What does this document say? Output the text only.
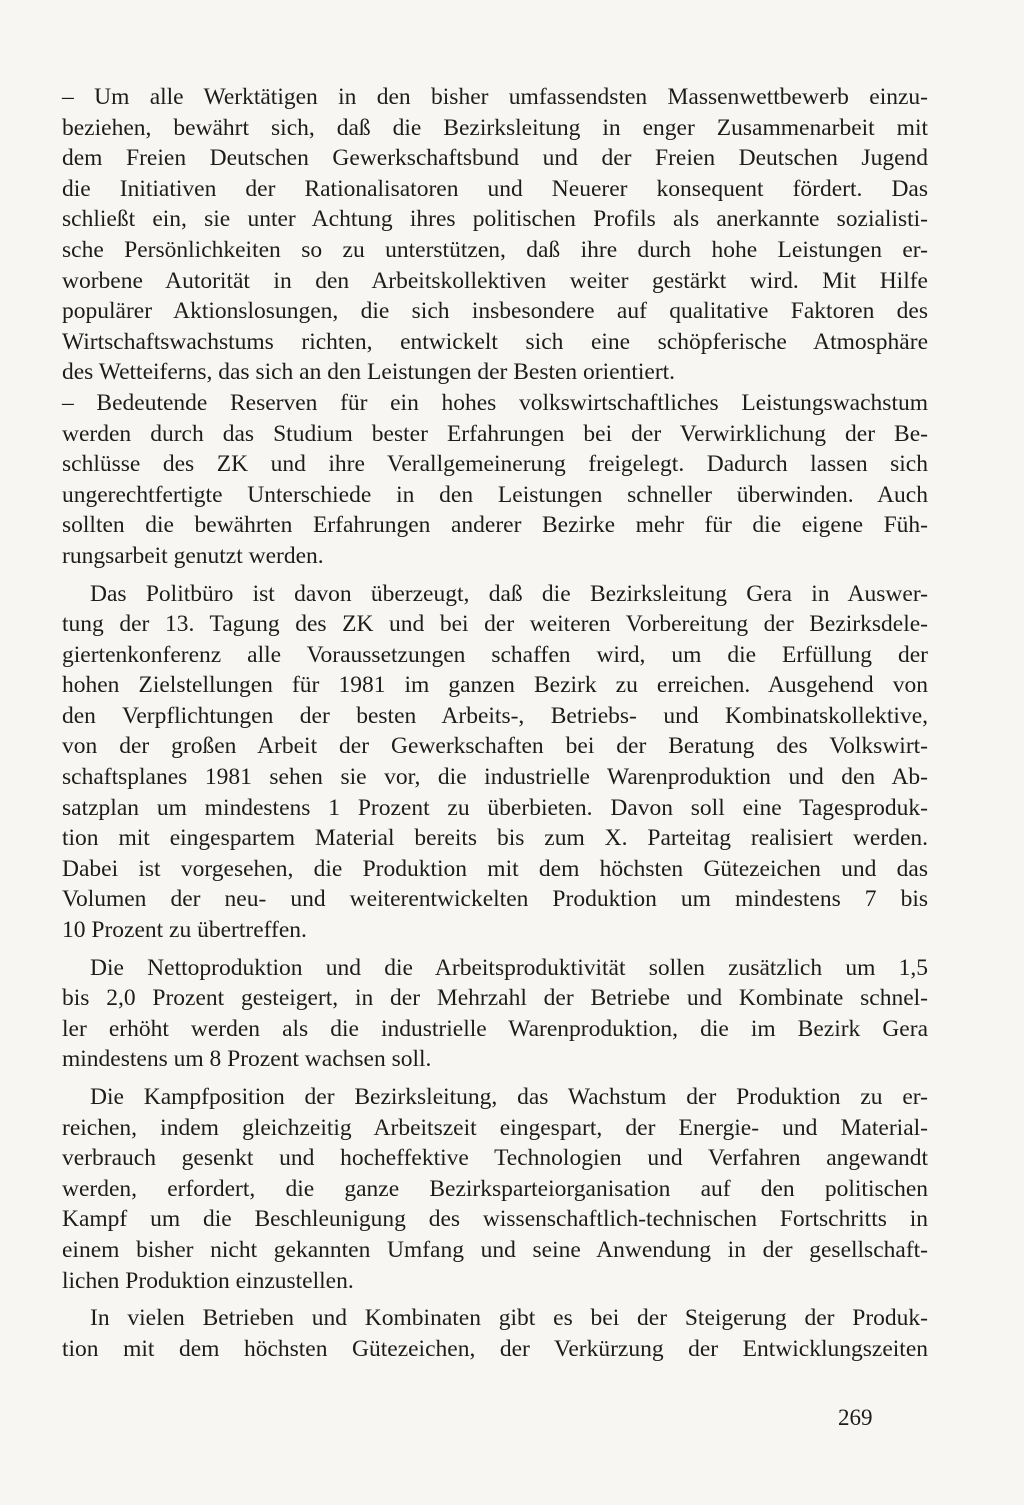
– Um alle Werktätigen in den bisher umfassendsten Massenwettbewerb einzu-
beziehen, bewährt sich, daß die Bezirksleitung in enger Zusammenarbeit mit
dem Freien Deutschen Gewerkschaftsbund und der Freien Deutschen Jugend
die Initiativen der Rationalisatoren und Neuerer konsequent fördert. Das
schließt ein, sie unter Achtung ihres politischen Profils als anerkannte sozialisti-
sche Persönlichkeiten so zu unterstützen, daß ihre durch hohe Leistungen er-
worbene Autorität in den Arbeitskollektiven weiter gestärkt wird. Mit Hilfe
populärer Aktionslosungen, die sich insbesondere auf qualitative Faktoren des
Wirtschaftswachstums richten, entwickelt sich eine schöpferische Atmosphäre
des Wetteiferns, das sich an den Leistungen der Besten orientiert.
– Bedeutende Reserven für ein hohes volkswirtschaftliches Leistungswachstum
werden durch das Studium bester Erfahrungen bei der Verwirklichung der Be-
schlüsse des ZK und ihre Verallgemeinerung freigelegt. Dadurch lassen sich
ungerechtfertigte Unterschiede in den Leistungen schneller überwinden. Auch
sollten die bewährten Erfahrungen anderer Bezirke mehr für die eigene Füh-
rungsarbeit genutzt werden.
Das Politbüro ist davon überzeugt, daß die Bezirksleitung Gera in Auswer-
tung der 13. Tagung des ZK und bei der weiteren Vorbereitung der Bezirksdele-
giertenkonferenz alle Voraussetzungen schaffen wird, um die Erfüllung der
hohen Zielstellungen für 1981 im ganzen Bezirk zu erreichen. Ausgehend von
den Verpflichtungen der besten Arbeits-, Betriebs- und Kombinatskollektive,
von der großen Arbeit der Gewerkschaften bei der Beratung des Volkswirt-
schaftsplanes 1981 sehen sie vor, die industrielle Warenproduktion und den Ab-
satzplan um mindestens 1 Prozent zu überbieten. Davon soll eine Tagesproduk-
tion mit eingespartem Material bereits bis zum X. Parteitag realisiert werden.
Dabei ist vorgesehen, die Produktion mit dem höchsten Gütezeichen und das
Volumen der neu- und weiterentwickelten Produktion um mindestens 7 bis
10 Prozent zu übertreffen.
Die Nettoproduktion und die Arbeitsproduktivität sollen zusätzlich um 1,5
bis 2,0 Prozent gesteigert, in der Mehrzahl der Betriebe und Kombinate schnel-
ler erhöht werden als die industrielle Warenproduktion, die im Bezirk Gera
mindestens um 8 Prozent wachsen soll.
Die Kampfposition der Bezirksleitung, das Wachstum der Produktion zu er-
reichen, indem gleichzeitig Arbeitszeit eingespart, der Energie- und Material-
verbrauch gesenkt und hocheffektive Technologien und Verfahren angewandt
werden, erfordert, die ganze Bezirksparteiorganisation auf den politischen
Kampf um die Beschleunigung des wissenschaftlich-technischen Fortschritts in
einem bisher nicht gekannten Umfang und seine Anwendung in der gesellschaft-
lichen Produktion einzustellen.
In vielen Betrieben und Kombinaten gibt es bei der Steigerung der Produk-
tion mit dem höchsten Gütezeichen, der Verkürzung der Entwicklungszeiten
269
